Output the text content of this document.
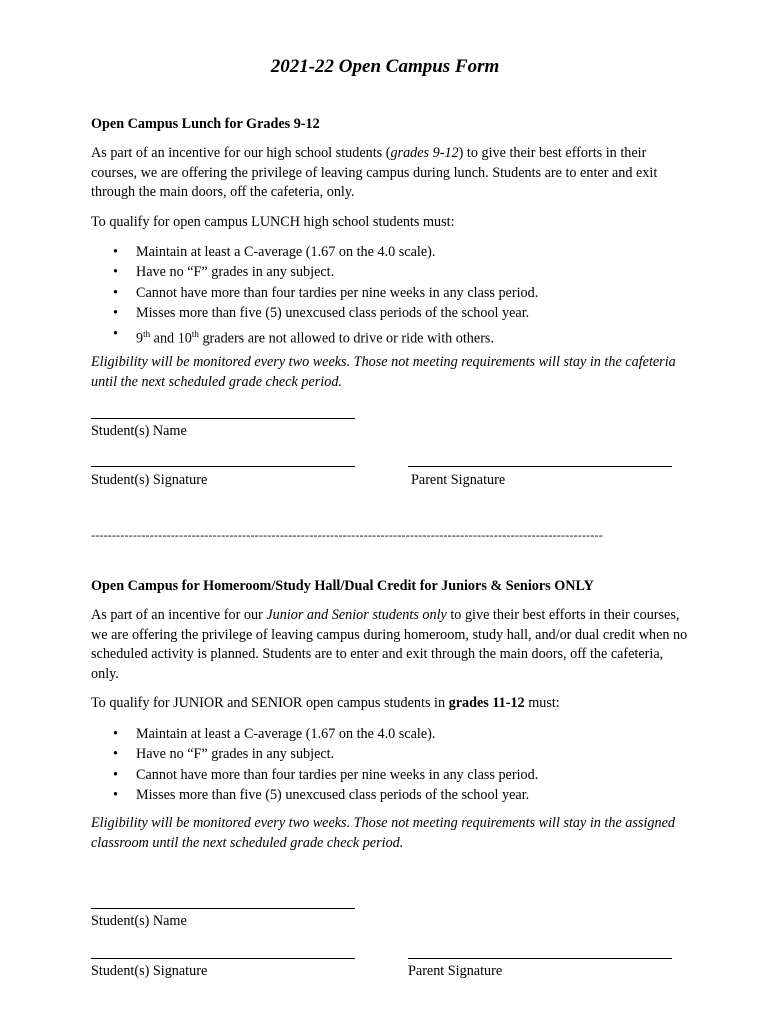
2021-22 Open Campus Form
Open Campus Lunch for Grades 9-12
As part of an incentive for our high school students (grades 9-12) to give their best efforts in their courses, we are offering the privilege of leaving campus during lunch. Students are to enter and exit through the main doors, off the cafeteria, only.
To qualify for open campus LUNCH high school students must:
• Maintain at least a C-average (1.67 on the 4.0 scale).
• Have no “F” grades in any subject.
• Cannot have more than four tardies per nine weeks in any class period.
• Misses more than five (5) unexcused class periods of the school year.
• 9th and 10th graders are not allowed to drive or ride with others.
Eligibility will be monitored every two weeks. Those not meeting requirements will stay in the cafeteria until the next scheduled grade check period.
Student(s) Name
Student(s) Signature	Parent Signature
--------------------------------------------------------------------------------------------------------------------------
Open Campus for Homeroom/Study Hall/Dual Credit for Juniors & Seniors ONLY
As part of an incentive for our Junior and Senior students only to give their best efforts in their courses, we are offering the privilege of leaving campus during homeroom, study hall, and/or dual credit when no scheduled activity is planned. Students are to enter and exit through the main doors, off the cafeteria, only.
To qualify for JUNIOR and SENIOR open campus students in grades 11-12 must:
• Maintain at least a C-average (1.67 on the 4.0 scale).
• Have no “F” grades in any subject.
• Cannot have more than four tardies per nine weeks in any class period.
• Misses more than five (5) unexcused class periods of the school year.
Eligibility will be monitored every two weeks. Those not meeting requirements will stay in the assigned classroom until the next scheduled grade check period.
Student(s) Name
Student(s) Signature	Parent Signature
